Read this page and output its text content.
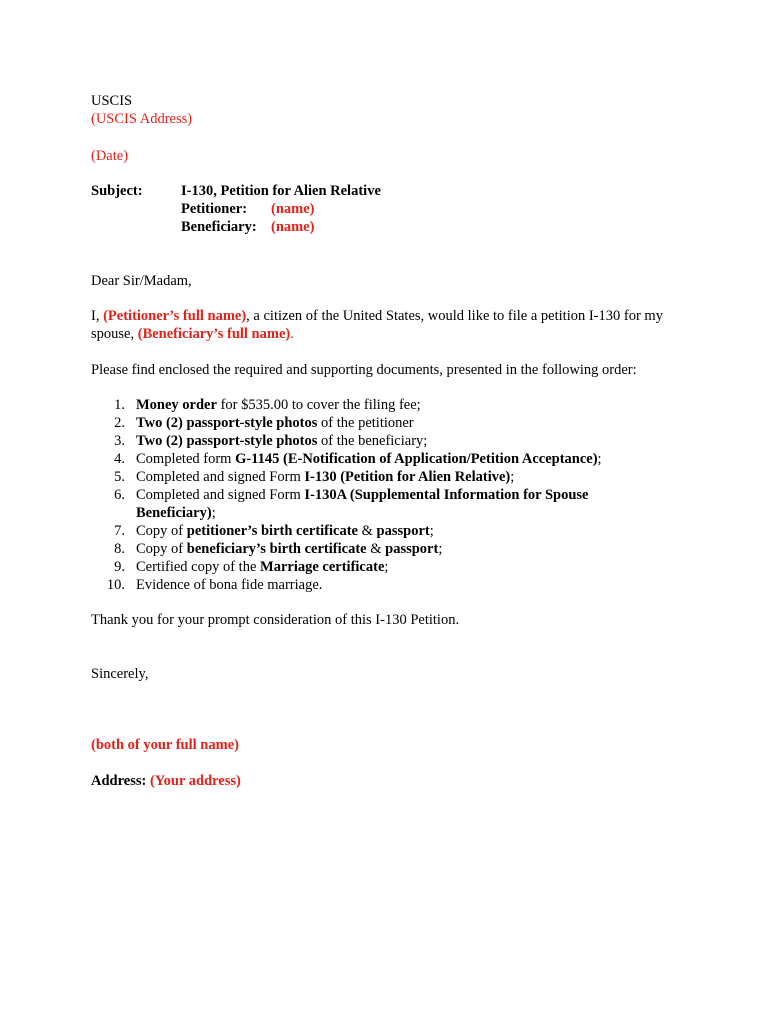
USCIS
(USCIS Address)
(Date)
Subject:	I-130, Petition for Alien Relative
Petitioner: (name)
Beneficiary: (name)
Dear Sir/Madam,
I, (Petitioner’s full name), a citizen of the United States, would like to file a petition I-130 for my
spouse, (Beneficiary’s full name).
Please find enclosed the required and supporting documents, presented in the following order:
1. Money order for $535.00 to cover the filing fee;
2. Two (2) passport-style photos of the petitioner
3. Two (2) passport-style photos of the beneficiary;
4. Completed form G-1145 (E-Notification of Application/Petition Acceptance);
5. Completed and signed Form I-130 (Petition for Alien Relative);
6. Completed and signed Form I-130A (Supplemental Information for Spouse
Beneficiary);
7. Copy of petitioner’s birth certificate & passport;
8. Copy of beneficiary’s birth certificate & passport;
9. Certified copy of the Marriage certificate;
10. Evidence of bona fide marriage.
Thank you for your prompt consideration of this I-130 Petition.
Sincerely,
(both of your full name)
Address: (Your address)
